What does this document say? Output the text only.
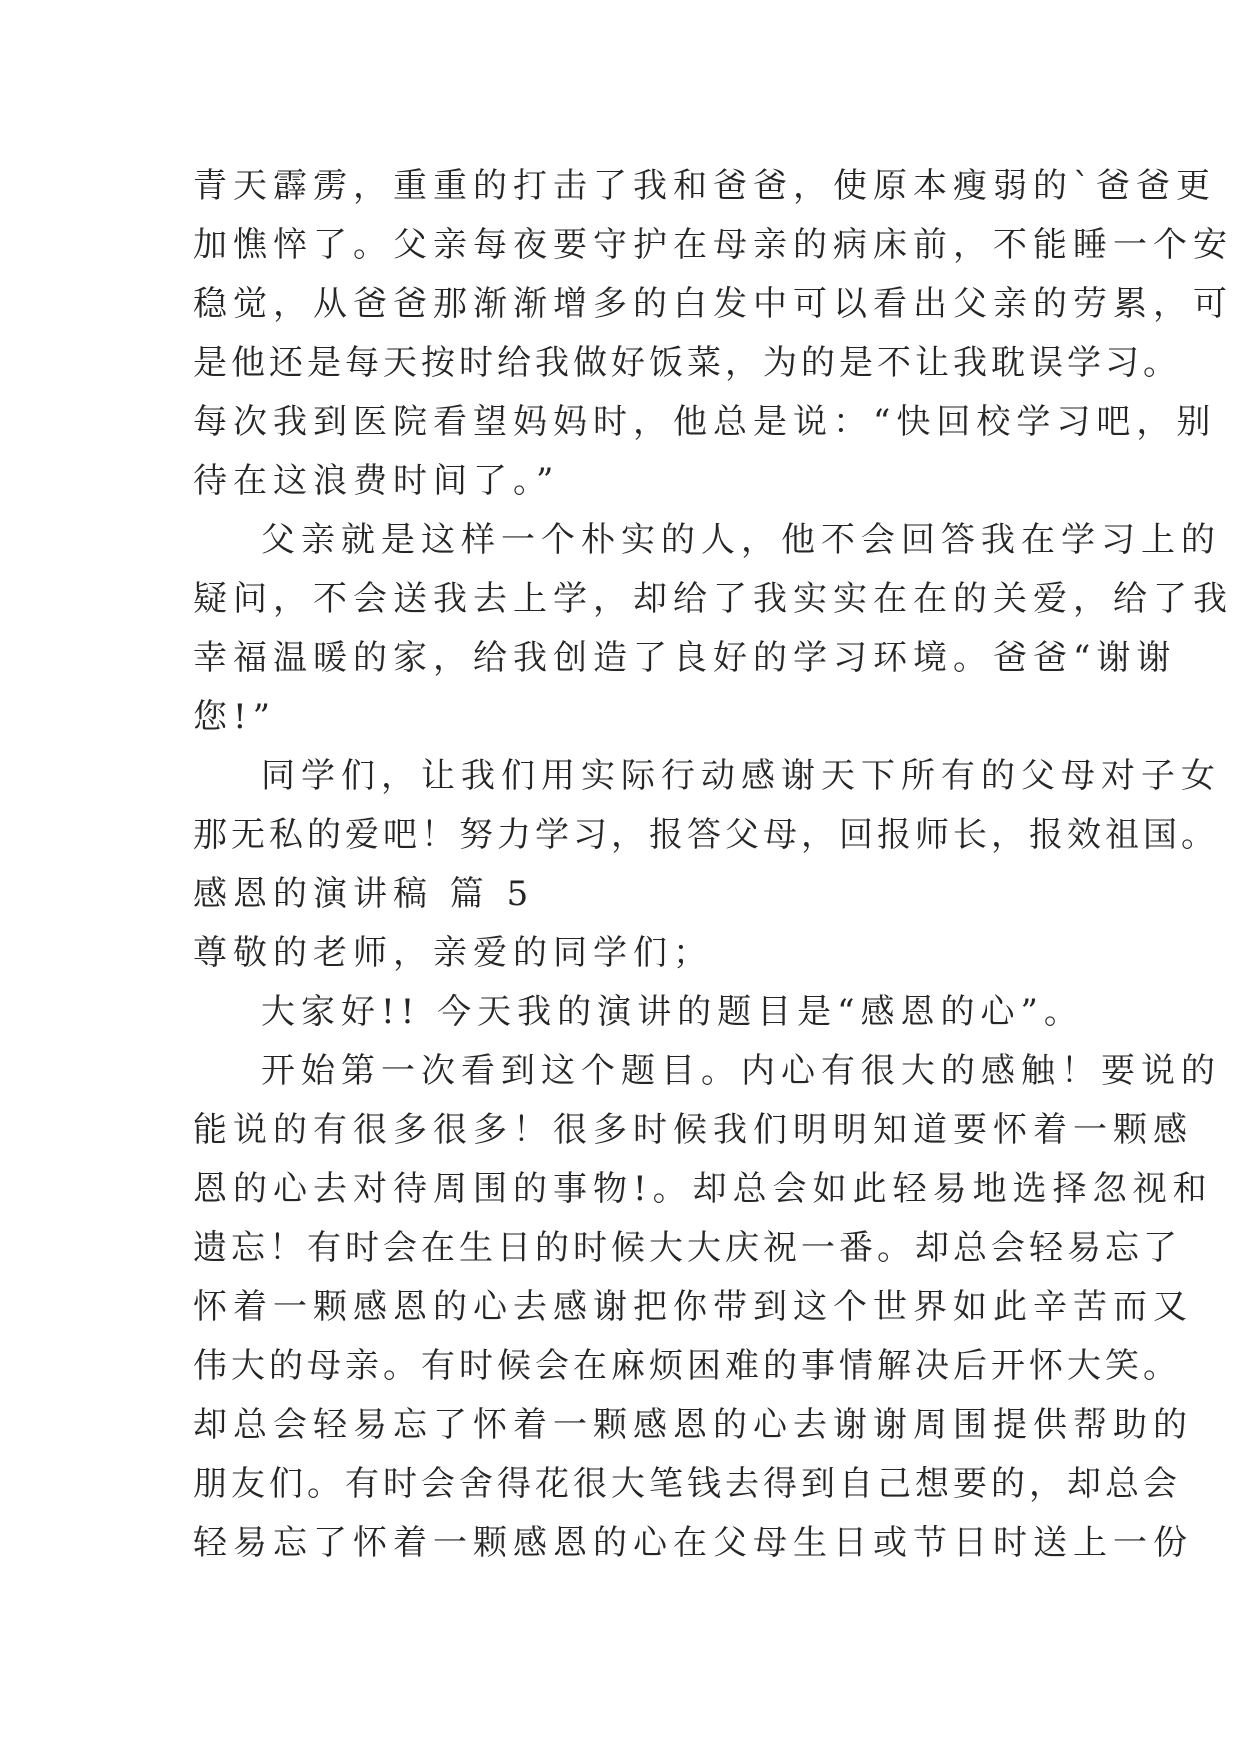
青天霹雳，重重的打击了我和爸爸，使原本瘦弱的`爸爸更
加憔悴了。父亲每夜要守护在母亲的病床前，不能睡一个安
稳觉，从爸爸那渐渐增多的白发中可以看出父亲的劳累，可
是他还是每天按时给我做好饭菜，为的是不让我耽误学习。
每次我到医院看望妈妈时，他总是说：“快回校学习吧，别
待在这浪费时间了。”
父亲就是这样一个朴实的人，他不会回答我在学习上的
疑问，不会送我去上学，却给了我实实在在的关爱，给了我
幸福温暖的家，给我创造了良好的学习环境。爸爸“谢谢
您!”
同学们，让我们用实际行动感谢天下所有的父母对子女
那无私的爱吧！努力学习，报答父母，回报师长，报效祖国。
感恩的演讲稿 篇 5
尊敬的老师，亲爱的同学们；
大家好!! 今天我的演讲的题目是“感恩的心”。
开始第一次看到这个题目。内心有很大的感触！要说的
能说的有很多很多！很多时候我们明明知道要怀着一颗感
恩的心去对待周围的事物!。却总会如此轻易地选择忽视和
遗忘！有时会在生日的时候大大庆祝一番。却总会轻易忘了
怀着一颗感恩的心去感谢把你带到这个世界如此辛苦而又
伟大的母亲。有时候会在麻烦困难的事情解决后开怀大笑。
却总会轻易忘了怀着一颗感恩的心去谢谢周围提供帮助的
朋友们。有时会舍得花很大笔钱去得到自己想要的，却总会
轻易忘了怀着一颗感恩的心在父母生日或节日时送上一份
